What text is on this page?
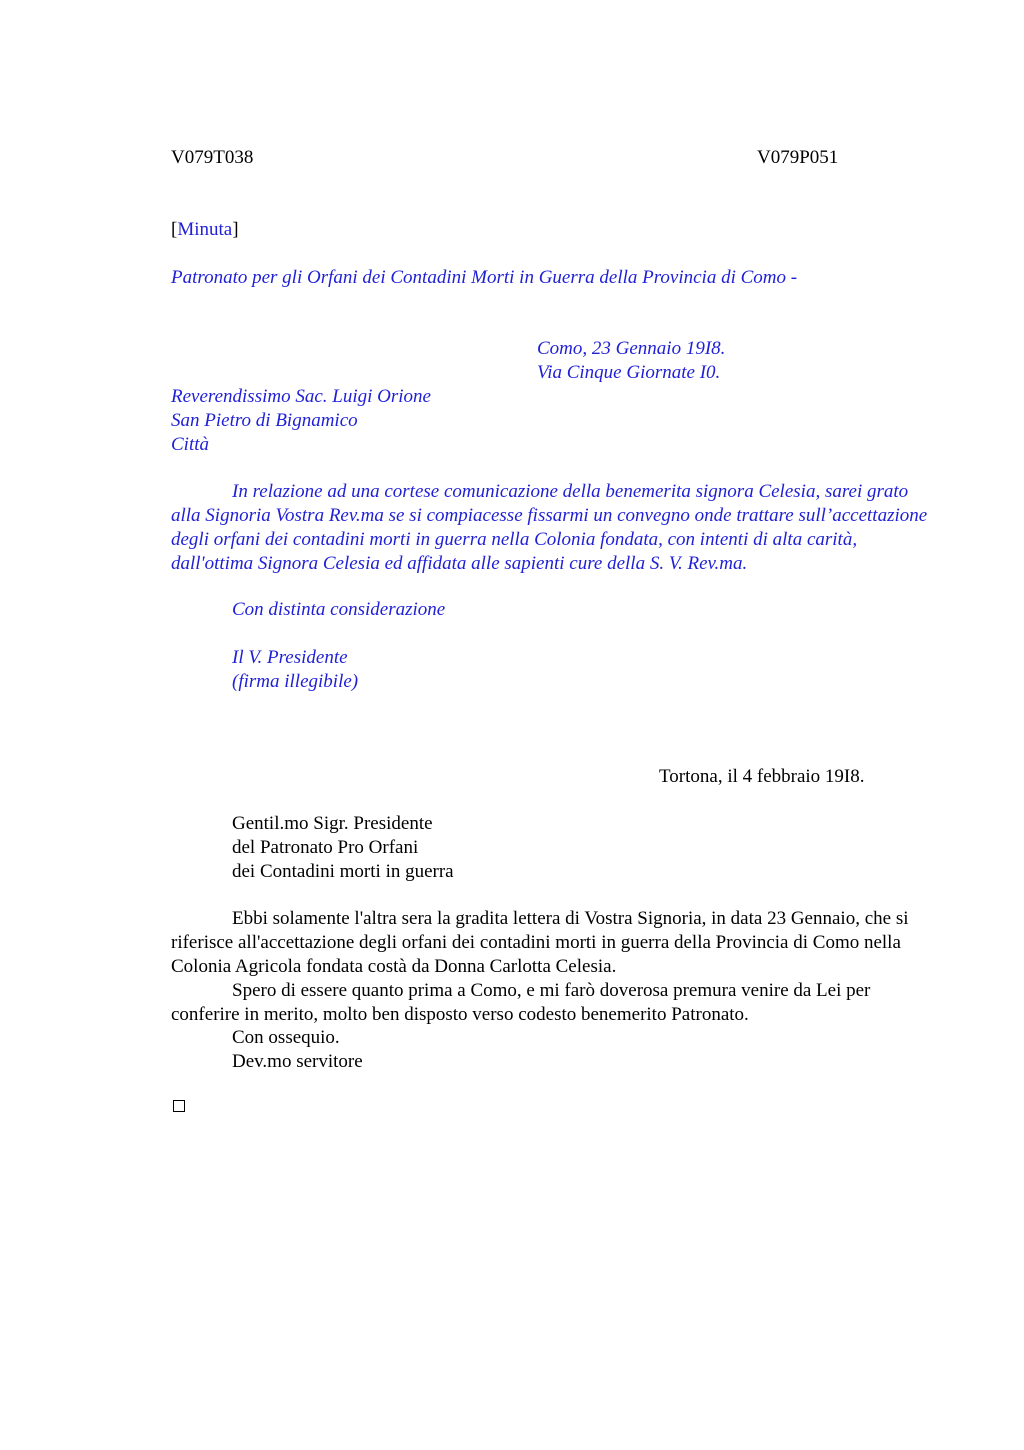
V079T038	V079P051
[Minuta]
Patronato per gli Orfani dei Contadini Morti in Guerra della Provincia di Como -
Como, 23 Gennaio 19I8.
Via Cinque Giornate I0.
Reverendissimo Sac. Luigi Orione
San Pietro di Bignamico
Città
In relazione ad una cortese comunicazione della benemerita signora Celesia, sarei grato alla Signoria Vostra Rev.ma se si compiacesse fissarmi un convegno onde trattare sull’accettazione degli orfani dei contadini morti in guerra nella Colonia fondata, con intenti di alta carità, dall'ottima Signora Celesia ed affidata alle sapienti cure della S. V. Rev.ma.
Con distinta considerazione
Il V. Presidente
(firma illegibile)
Tortona, il 4 febbraio 19I8.
Gentil.mo Sigr. Presidente
del Patronato Pro Orfani
dei Contadini morti in guerra
Ebbi solamente l'altra sera la gradita lettera di Vostra Signoria, in data 23 Gennaio, che si riferisce all'accettazione degli orfani dei contadini morti in guerra della Provincia di Como nella Colonia Agricola fondata costà da Donna Carlotta Celesia.
Spero di essere quanto prima a Como, e mi farò doverosa premura venire da Lei per conferire in merito, molto ben disposto verso codesto benemerito Patronato.
Con ossequio.
Dev.mo servitore
